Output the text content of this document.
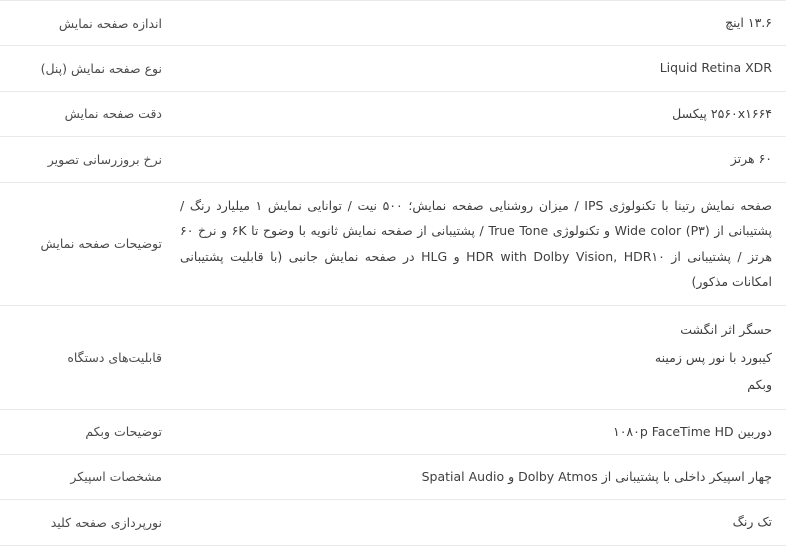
۱۳.۶ اینچ	اندازه صفحه نمایش

Liquid Retina XDR	نوع صفحه نمایش (پنل)

۲۵۶۰x۱۶۶۴ پیکسل	دقت صفحه نمایش

۶۰ هرتز	نرخ بروزرسانی تصویر

صفحه نمایش رتینا با تکنولوژی IPS / میزان روشنایی صفحه نمایش؛ ۵۰۰ نیت / توانایی نمایش ۱ میلیارد رنگ / پشتیبانی از Wide color (P۳) و تکنولوژی True Tone / پشتیبانی از صفحه نمایش ثانویه با وضوح تا ۶K و نرخ ۶۰ هرتز / پشتیبانی از HDR with Dolby Vision, HDR۱۰ و HLG در صفحه نمایش جانبی (با قابلیت پشتیبانی امکانات مذکور)	توضیحات صفحه نمایش

حسگر اثر انگشت
کیبورد با نور پس زمینه
وبکم	قابلیت‌های دستگاه

دوربین ۱۰۸۰p FaceTime HD	توضیحات وبکم

چهار اسپیکر داخلی با پشتیبانی از Dolby Atmos و Spatial Audio	مشخصات اسپیکر

تک رنگ	نورپردازی صفحه کلید
